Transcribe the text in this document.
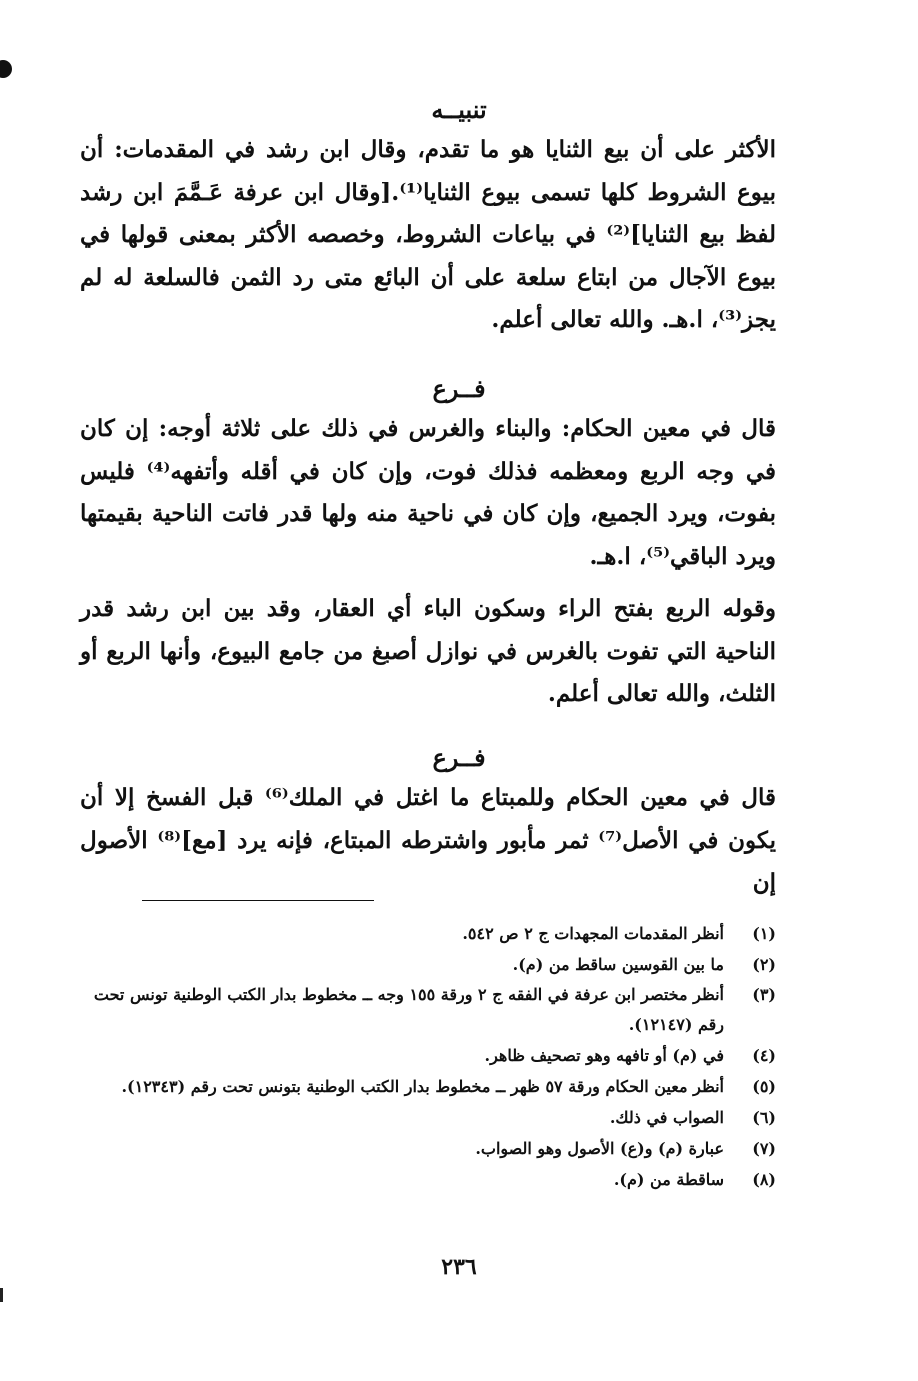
تنبيــه

الأكثر على أن بيع الثنايا هو ما تقدم، وقال ابن رشد في المقدمات: أن بيوع الشروط كلها تسمى بيوع الثنايا⁽¹⁾.[وقال ابن عرفة عَـمَّمَ ابن رشد لفظ بيع الثنايا]⁽²⁾ في بياعات الشروط، وخصصه الأكثر بمعنى قولها في بيوع الآجال من ابتاع سلعة على أن البائع متى رد الثمن فالسلعة له لم يجز⁽³⁾، ا.هـ. والله تعالى أعلم.

فــرع

قال في معين الحكام: والبناء والغرس في ذلك على ثلاثة أوجه: إن كان في وجه الربع ومعظمه فذلك فوت، وإن كان في أقله وأتفهه⁽⁴⁾ فليس بفوت، ويرد الجميع، وإن كان في ناحية منه ولها قدر فاتت الناحية بقيمتها ويرد الباقي⁽⁵⁾، ا.هـ.

وقوله الربع بفتح الراء وسكون الباء أي العقار، وقد بين ابن رشد قدر الناحية التي تفوت بالغرس في نوازل أصبغ من جامع البيوع، وأنها الربع أو الثلث، والله تعالى أعلم.

فــرع

قال في معين الحكام وللمبتاع ما اغتل في الملك⁽⁶⁾ قبل الفسخ إلا أن يكون في الأصل⁽⁷⁾ ثمر مأبور واشترطه المبتاع، فإنه يرد [مع]⁽⁸⁾ الأصول إن

(١)
أنظر المقدمات المجهدات ج ٢ ص ٥٤٢.
(٢)
ما بين القوسين ساقط من (م).
(٣)
أنظر مختصر ابن عرفة في الفقه ج ٢ ورقة ١٥٥ وجه ــ مخطوط بدار الكتب الوطنية تونس تحت رقم (١٢١٤٧).
(٤)
في (م) أو تافهه وهو تصحيف ظاهر.
(٥)
أنظر معين الحكام ورقة ٥٧ ظهر ــ مخطوط بدار الكتب الوطنية بتونس تحت رقم (١٢٣٤٣).
(٦)
الصواب في ذلك.
(٧)
عبارة (م) و(ع) الأصول وهو الصواب.
(٨)
ساقطة من (م).
٢٣٦
